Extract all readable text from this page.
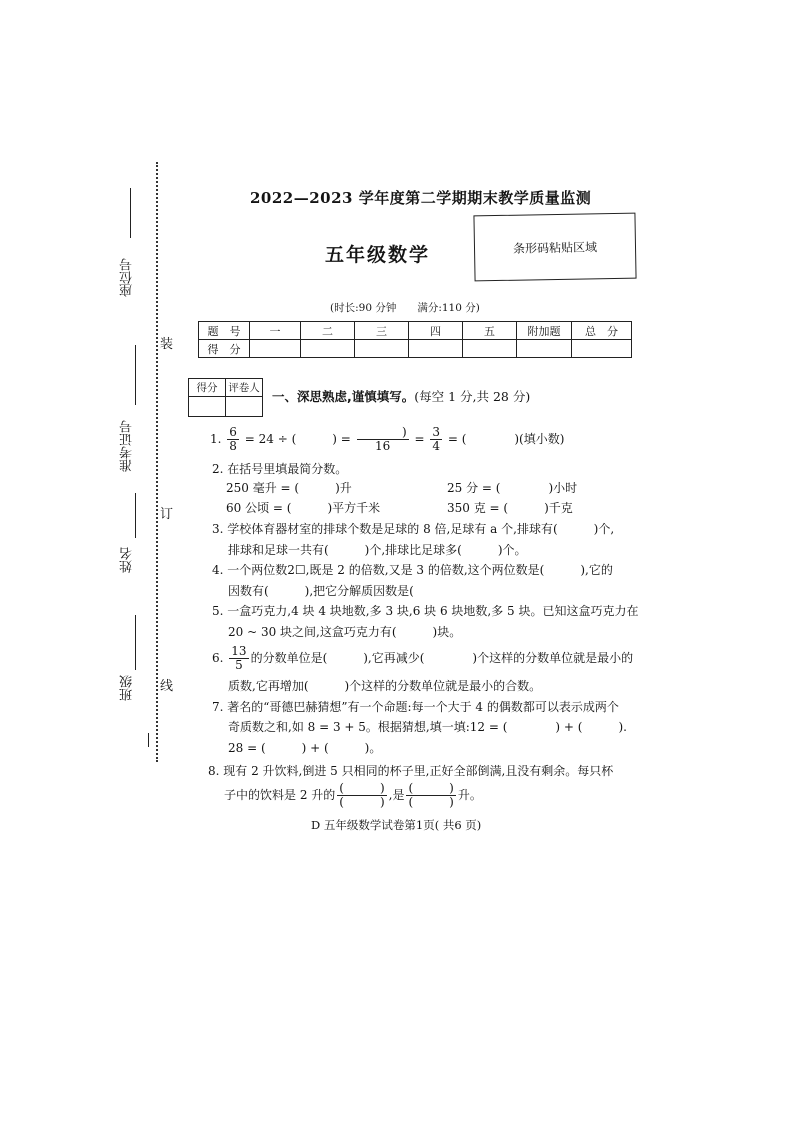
座位号
准考证号
姓名
班级
装
订
线
2022—2023 学年度第二学期期末教学质量监测
五年级数学	条形码粘贴区域
(时长:90 分钟　　满分:110 分)
题　号	一	二	三	四	五	附加题	总　分
得　分							
得分	评卷人

一、深思熟虑,谨慎填写。(每空 1 分,共 28 分)
1. $\frac{6}{8} = 24$ ÷ (　　　) = $\frac{)}{16} = \frac{3}{4}$ = (　　　　)(填小数)
2. 在括号里填最简分数。
250 毫升 = (　　　)升	25 分 = (　　　　)小时
60 公顷 = (　　　)平方千米	350 克 = (　　　)千克
3. 学校体育器材室的排球个数是足球的 8 倍,足球有 a 个,排球有(　　　)个,
排球和足球一共有(　　　)个,排球比足球多(　　　)个。
4. 一个两位数2☐,既是 2 的倍数,又是 3 的倍数,这个两位数是(　　　),它的
因数有(　　　),把它分解质因数是(
5. 一盒巧克力,4 块 4 块地数,多 3 块,6 块 6 块地数,多 5 块。已知这盒巧克力在
20 ~ 30 块之间,这盒巧克力有(　　　)块。
6. $\frac{13}{5}$ 的分数单位是(　　　),它再减少(　　　　)个这样的分数单位就是最小的
质数,它再增加(　　　)个这样的分数单位就是最小的合数。
7. 著名的“哥德巴赫猜想”有一个命题:每一个大于 4 的偶数都可以表示成两个
奇质数之和,如 8 = 3 + 5。根据猜想,填一填:12 = (　　　　) + (　　　).
28 = (　　　) + (　　　)。
8. 现有 2 升饮料,倒进 5 只相同的杯子里,正好全部倒满,且没有剩余。每只杯
子中的饮料是 2 升的 $\frac{( )}{( )}$ ,是 $\frac{( )}{( )}$ 升。
D 五年级数学试卷第1页( 共6 页)
